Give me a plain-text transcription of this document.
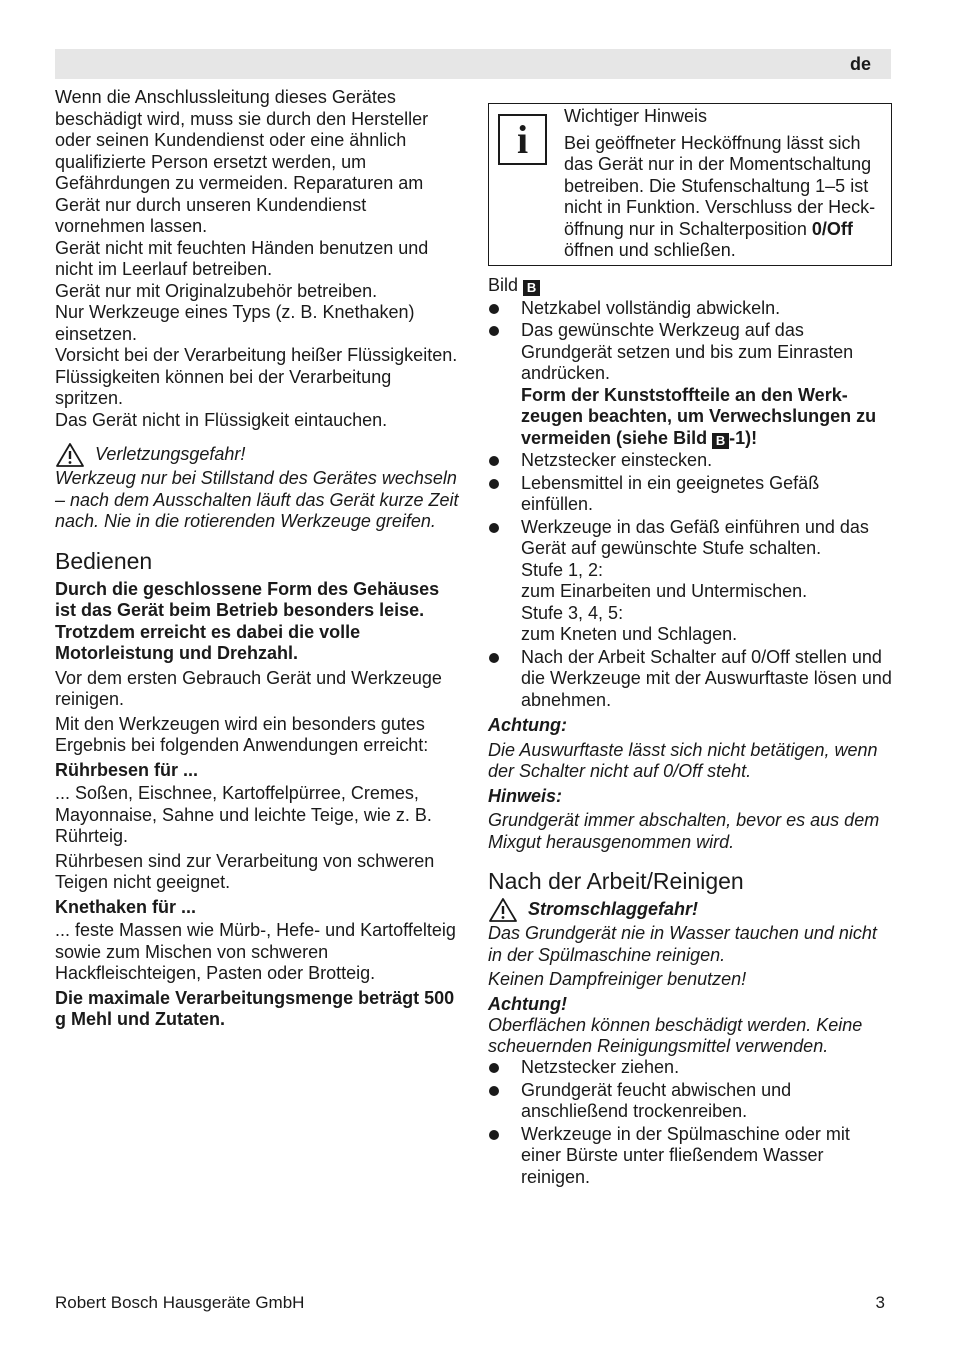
de

Wenn die Anschlussleitung dieses Gerätes beschädigt wird, muss sie durch den Hersteller oder seinen Kundendienst oder eine ähnlich qualifizierte Person ersetzt werden, um Gefährdungen zu vermeiden. Reparaturen am Gerät nur durch unseren Kundendienst vornehmen lassen.

Gerät nicht mit feuchten Händen benutzen und nicht im Leerlauf betreiben.

Gerät nur mit Originalzubehör betreiben.

Nur Werkzeuge eines Typs (z. B. Knethaken) einsetzen.

Vorsicht bei der Verarbeitung heißer Flüssigkeiten. Flüssigkeiten können bei der Verarbeitung spritzen.

Das Gerät nicht in Flüssigkeit eintauchen.

Verletzungsgefahr!

Werkzeug nur bei Stillstand des Gerätes wechseln – nach dem Ausschalten läuft das Gerät kurze Zeit nach. Nie in die rotierenden Werkzeuge greifen.

Bedienen

Durch die geschlossene Form des Gehäuses ist das Gerät beim Betrieb besonders leise. Trotzdem erreicht es dabei die volle Motorleistung und Drehzahl.

Vor dem ersten Gebrauch Gerät und Werkzeuge reinigen.

Mit den Werkzeugen wird ein besonders gutes Ergebnis bei folgenden Anwendungen erreicht:

Rührbesen für ...

... Soßen, Eischnee, Kartoffelpürree, Cremes, Mayonnaise, Sahne und leichte Teige, wie z. B. Rührteig.

Rührbesen sind zur Verarbeitung von schweren Teigen nicht geeignet.

Knethaken für ...

... feste Massen wie Mürb-, Hefe- und Kartoffelteig sowie zum Mischen von schweren Hackfleischteigen, Pasten oder Brotteig.

Die maximale Verarbeitungsmenge beträgt 500 g Mehl und Zutaten.

i

Wichtiger Hinweis

Bei geöffneter Hecköffnung lässt sich das Gerät nur in der Momentschaltung betreiben. Die Stufenschaltung 1–5 ist nicht in Funktion. Verschluss der Heck-öffnung nur in Schalterposition 0/Off öffnen und schließen.

Bild B

Netzkabel vollständig abwickeln.
Das gewünschte Werkzeug auf das Grundgerät setzen und bis zum Einrasten andrücken.

Form der Kunststoffteile an den Werk-zeugen beachten, um Verwechslungen zu vermeiden (siehe Bild B -1)!

Netzstecker einstecken.
Lebensmittel in ein geeignetes Gefäß einfüllen.
Werkzeuge in das Gefäß einführen und das Gerät auf gewünschte Stufe schalten.

Stufe 1, 2:

zum Einarbeiten und Untermischen.

Stufe 3, 4, 5:

zum Kneten und Schlagen.

Nach der Arbeit Schalter auf 0/Off stellen und die Werkzeuge mit der Auswurftaste lösen und abnehmen.

Achtung:

Die Auswurftaste lässt sich nicht betätigen, wenn der Schalter nicht auf 0/Off steht.

Hinweis:

Grundgerät immer abschalten, bevor es aus dem Mixgut herausgenommen wird.

Nach der Arbeit/Reinigen
Stromschlaggefahr!

Das Grundgerät nie in Wasser tauchen und nicht in der Spülmaschine reinigen.

Keinen Dampfreiniger benutzen!

Achtung!

Oberflächen können beschädigt werden. Keine scheuernden Reinigungsmittel verwenden.

Netzstecker ziehen.
Grundgerät feucht abwischen und anschließend trockenreiben.
Werkzeuge in der Spülmaschine oder mit einer Bürste unter fließendem Wasser reinigen.
Robert Bosch Hausgeräte GmbH	3
